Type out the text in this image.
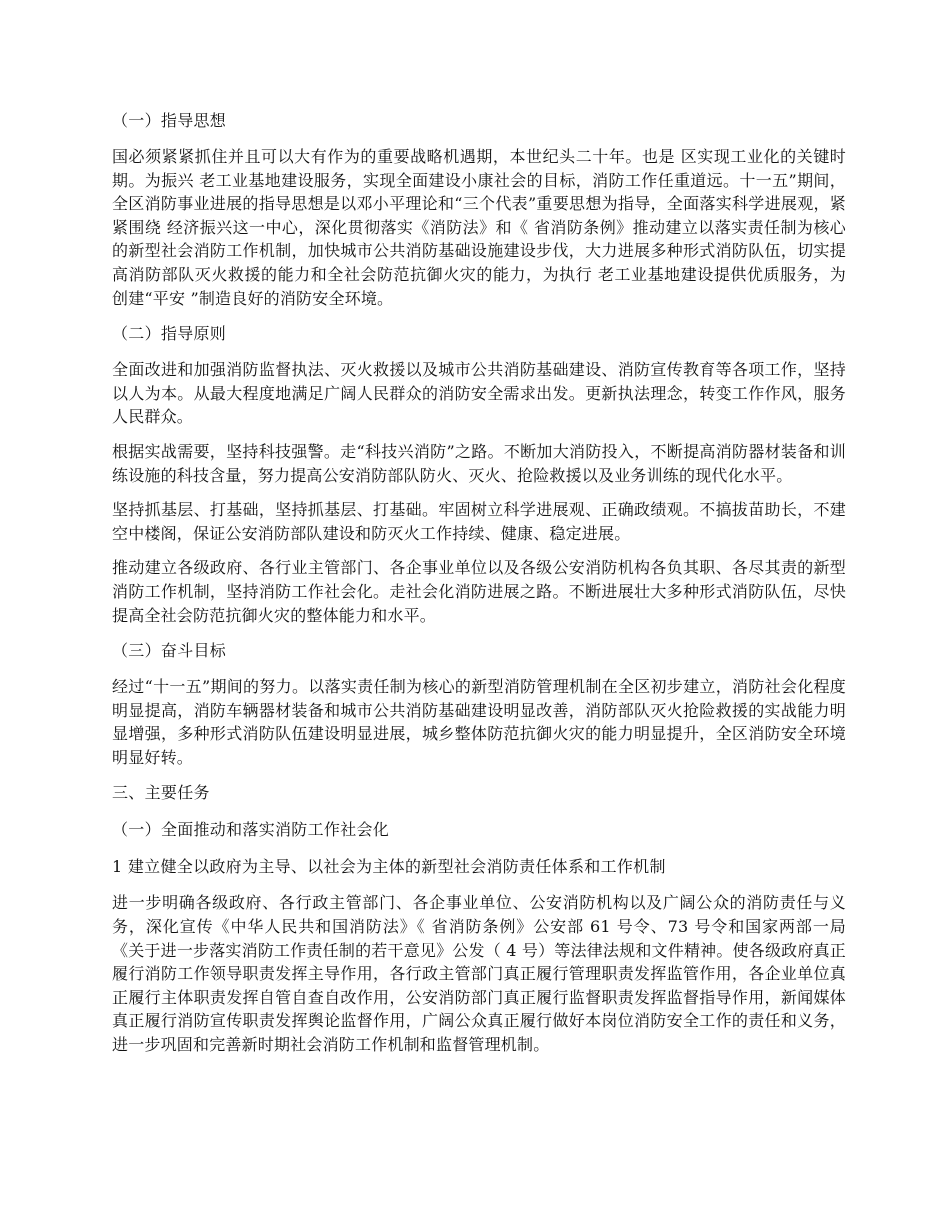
（一）指导思想
国必须紧紧抓住并且可以大有作为的重要战略机遇期，本世纪头二十年。也是 区实现工业化的关键时期。为振兴 老工业基地建设服务，实现全面建设小康社会的目标，消防工作任重道远。十一五”期间，全区消防事业进展的指导思想是以邓小平理论和“三个代表”重要思想为指导，全面落实科学进展观，紧紧围绕 经济振兴这一中心，深化贯彻落实《消防法》和《 省消防条例》推动建立以落实责任制为核心的新型社会消防工作机制，加快城市公共消防基础设施建设步伐，大力进展多种形式消防队伍，切实提高消防部队灭火救援的能力和全社会防范抗御火灾的能力，为执行 老工业基地建设提供优质服务，为创建“平安 ”制造良好的消防安全环境。
（二）指导原则
全面改进和加强消防监督执法、灭火救援以及城市公共消防基础建设、消防宣传教育等各项工作，坚持以人为本。从最大程度地满足广阔人民群众的消防安全需求出发。更新执法理念，转变工作作风，服务人民群众。
根据实战需要，坚持科技强警。走“科技兴消防”之路。不断加大消防投入，不断提高消防器材装备和训练设施的科技含量，努力提高公安消防部队防火、灭火、抢险救援以及业务训练的现代化水平。
坚持抓基层、打基础，坚持抓基层、打基础。牢固树立科学进展观、正确政绩观。不搞拔苗助长，不建空中楼阁，保证公安消防部队建设和防灭火工作持续、健康、稳定进展。
推动建立各级政府、各行业主管部门、各企事业单位以及各级公安消防机构各负其职、各尽其责的新型消防工作机制，坚持消防工作社会化。走社会化消防进展之路。不断进展壮大多种形式消防队伍，尽快提高全社会防范抗御火灾的整体能力和水平。
（三）奋斗目标
经过“十一五”期间的努力。以落实责任制为核心的新型消防管理机制在全区初步建立，消防社会化程度明显提高，消防车辆器材装备和城市公共消防基础建设明显改善，消防部队灭火抢险救援的实战能力明显增强，多种形式消防队伍建设明显进展，城乡整体防范抗御火灾的能力明显提升，全区消防安全环境明显好转。
三、主要任务
（一）全面推动和落实消防工作社会化
1 建立健全以政府为主导、以社会为主体的新型社会消防责任体系和工作机制
进一步明确各级政府、各行政主管部门、各企事业单位、公安消防机构以及广阔公众的消防责任与义务，深化宣传《中华人民共和国消防法》《 省消防条例》公安部 61 号令、73 号令和国家两部一局《关于进一步落实消防工作责任制的若干意见》公发（ 4 号）等法律法规和文件精神。使各级政府真正履行消防工作领导职责发挥主导作用，各行政主管部门真正履行管理职责发挥监管作用，各企业单位真正履行主体职责发挥自管自查自改作用，公安消防部门真正履行监督职责发挥监督指导作用，新闻媒体真正履行消防宣传职责发挥舆论监督作用，广阔公众真正履行做好本岗位消防安全工作的责任和义务，进一步巩固和完善新时期社会消防工作机制和监督管理机制。
